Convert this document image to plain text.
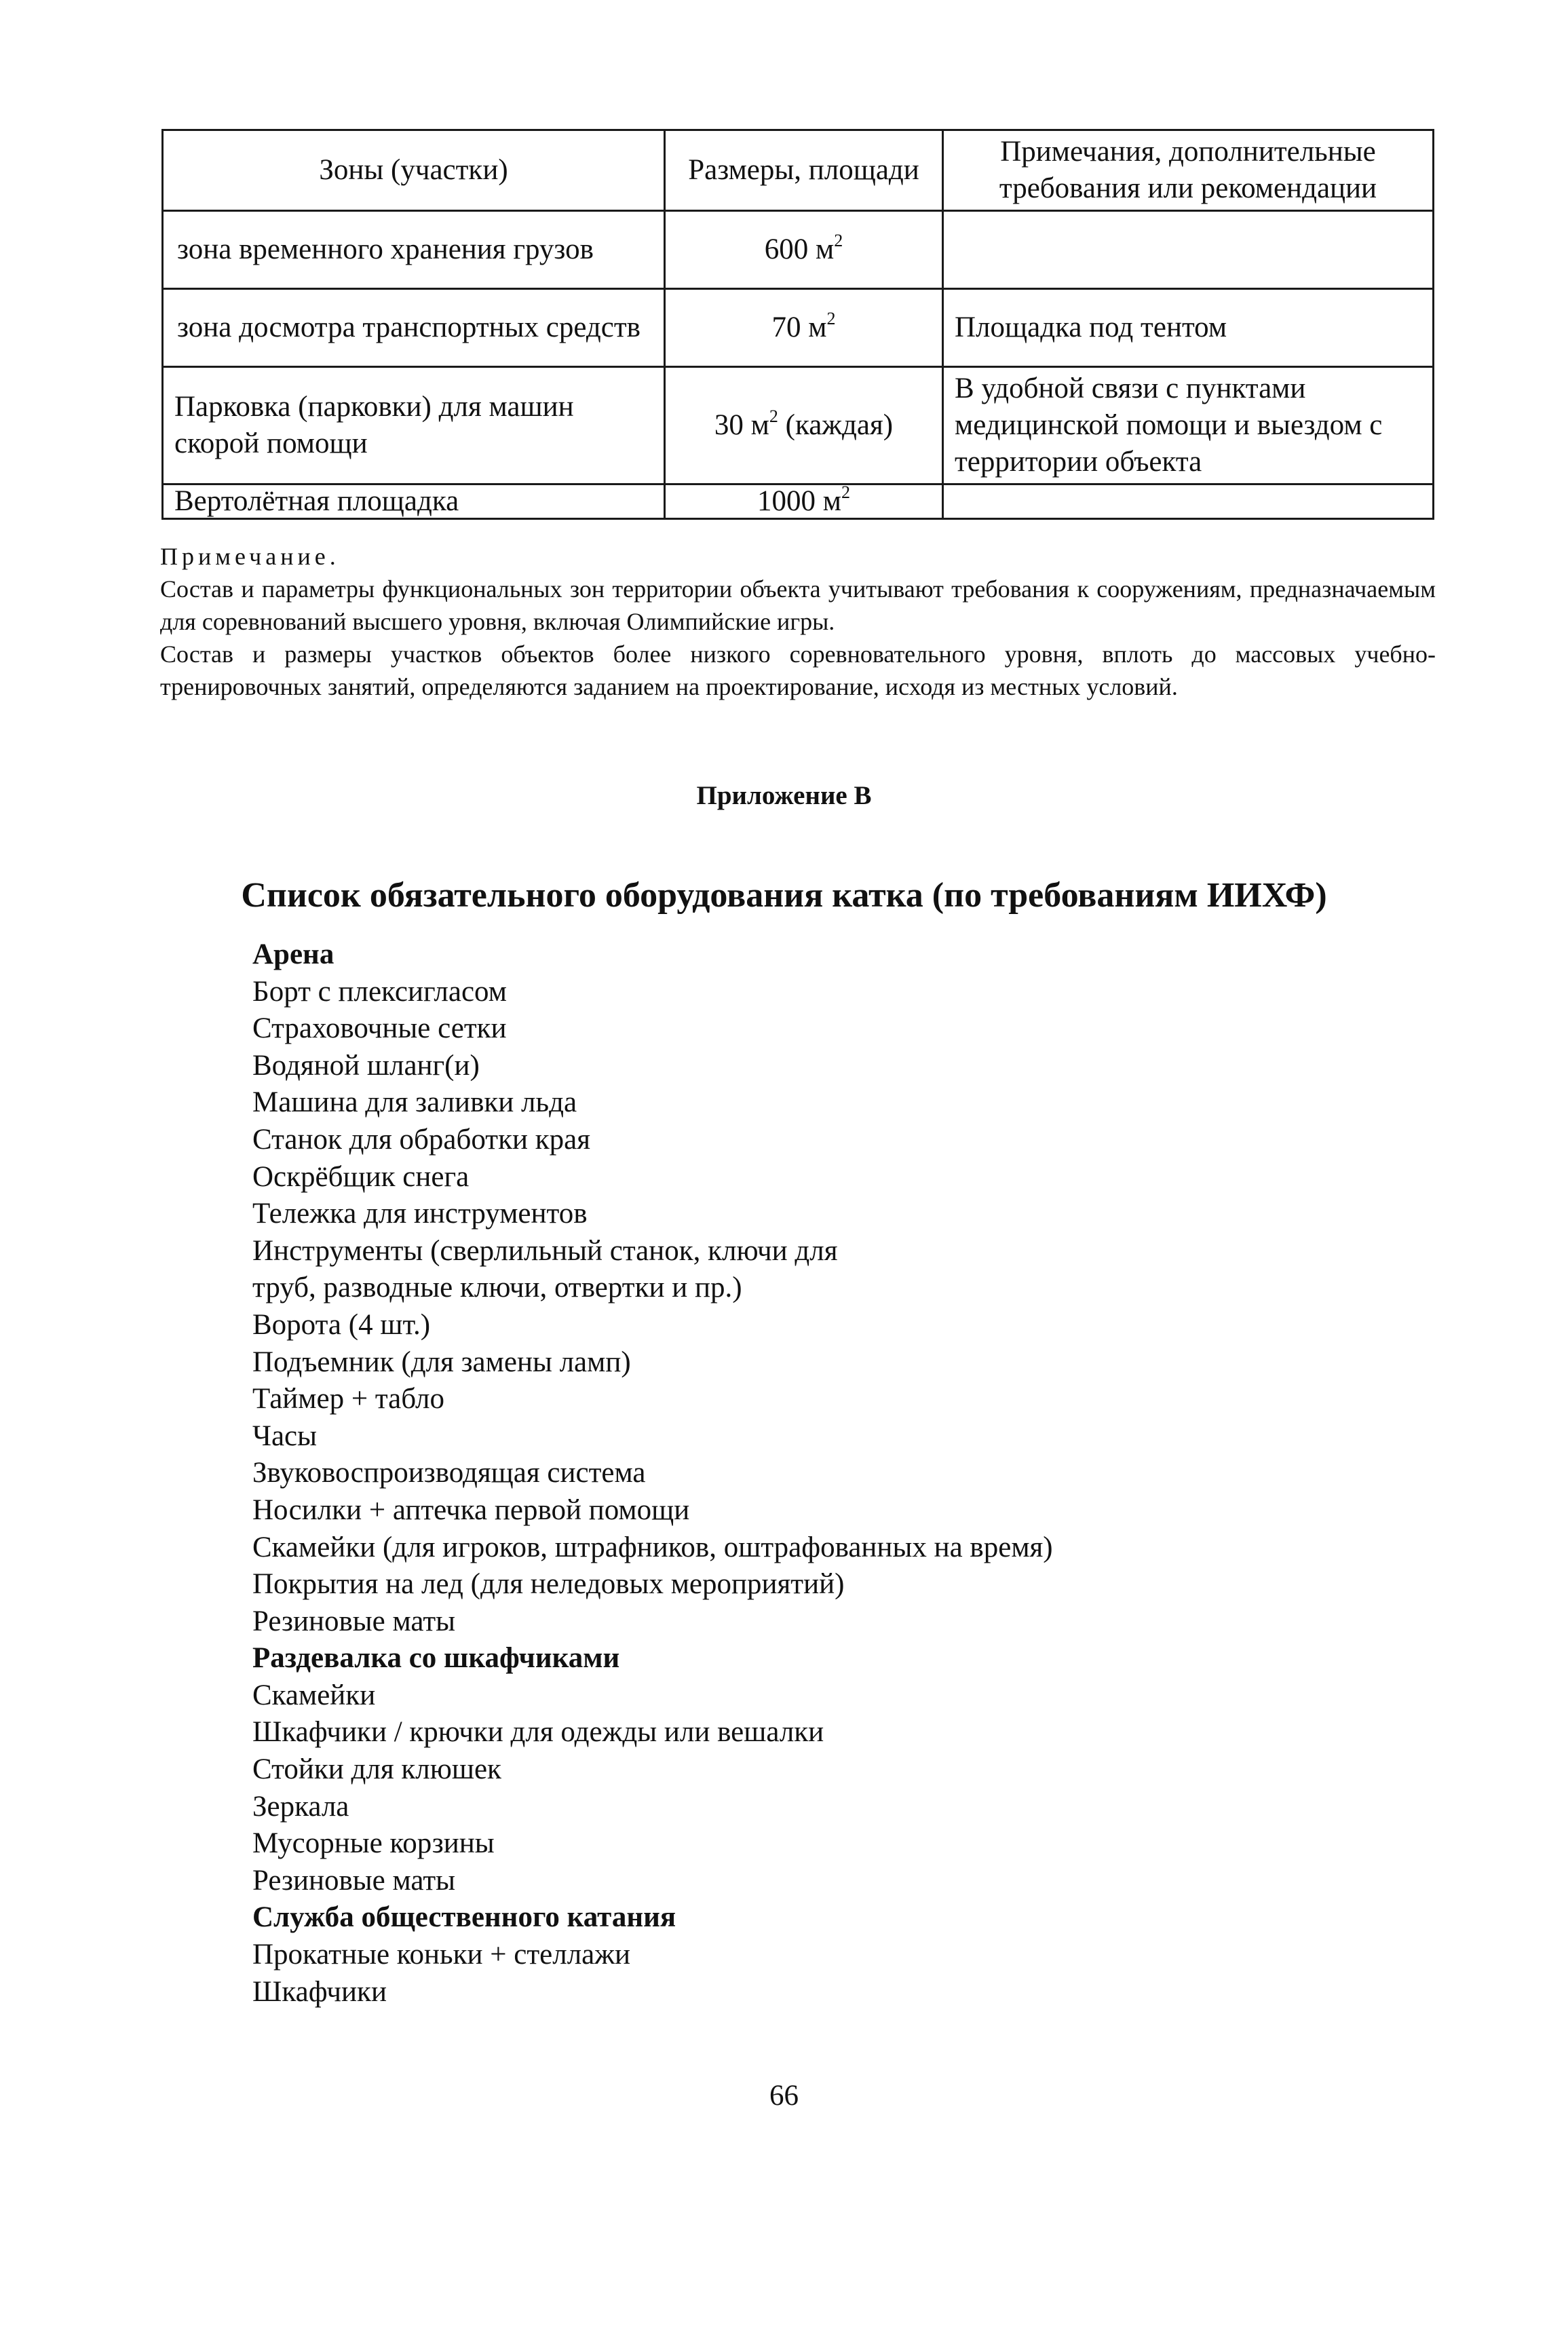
Зоны (участки)	Размеры, площади	Примечания, дополнительные требования или рекомендации
зона временного хранения грузов	600 $м^2$	
зона досмотра транспортных средств	70 $м^2$	Площадка под тентом
Парковка (парковки) для машин скорой помощи	30 $м^2$ (каждая)	В удобной связи с пунктами медицинской помощи и выездом с территории объекта
Вертолётная площадка	1000 $м^2$	

Примечание.

Состав и параметры функциональных зон территории объекта учитывают требования к сооружениям, предназначаемым для соревнований высшего уровня, включая Олимпийские игры.

Состав и размеры участков объектов более низкого соревновательного уровня, вплоть до массовых учебно-тренировочных занятий, определяются заданием на проектирование, исходя из местных условий.

Приложение В
Список обязательного оборудования катка (по требованиям ИИХФ)
Арена
Борт с плексигласом
Страховочные сетки
Водяной шланг(и)
Машина для заливки льда
Станок для обработки края
Оскрёбщик снега
Тележка для инструментов
Инструменты (сверлильный станок, ключи для
труб, разводные ключи, отвертки и пр.)
Ворота (4 шт.)
Подъемник (для замены ламп)
Таймер + табло
Часы
Звуковоспроизводящая система
Носилки + аптечка первой помощи
Скамейки (для игроков, штрафников, оштрафованных на время)
Покрытия на лед (для неледовых мероприятий)
Резиновые маты
Раздевалка со шкафчиками
Скамейки
Шкафчики / крючки для одежды или вешалки
Стойки для клюшек
Зеркала
Мусорные корзины
Резиновые маты
Служба общественного катания
Прокатные коньки + стеллажи
Шкафчики
66
